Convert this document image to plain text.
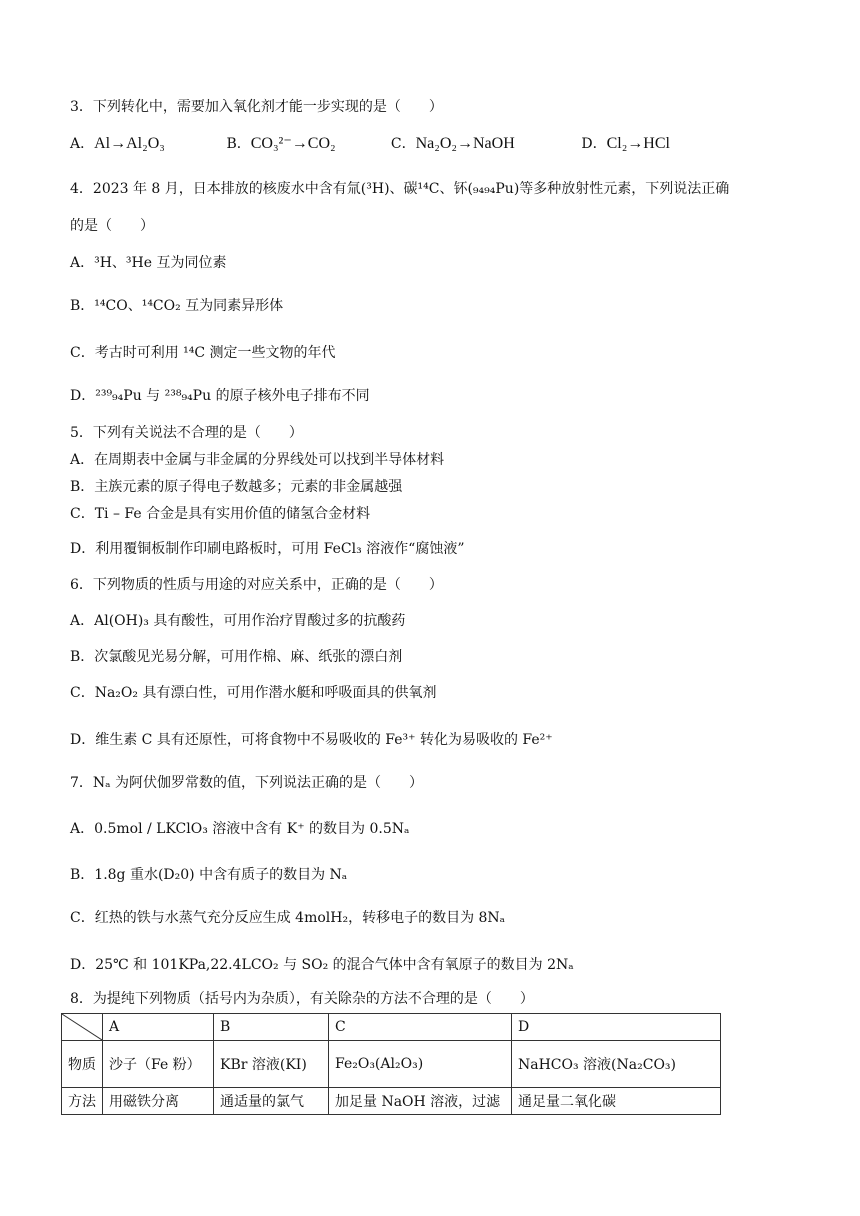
3．下列转化中，需要加入氧化剂才能一步实现的是（　　）
A．Al→Al₂O₃	B．CO₃²⁻→CO₂	C．Na₂O₂→NaOH	D．Cl₂→HCl
4．2023 年 8 月，日本排放的核废水中含有氚(³H)、碳¹⁴C、钚(₉₄₉₄Pu)等多种放射性元素，下列说法正确
的是（　　）
A．³H、³He 互为同位素
B．¹⁴CO、¹⁴CO₂ 互为同素异形体
C．考古时可利用 ¹⁴C 测定一些文物的年代
D．²³⁹₉₄Pu 与 ²³⁸₉₄Pu 的原子核外电子排布不同
5．下列有关说法不合理的是（　　）
A．在周期表中金属与非金属的分界线处可以找到半导体材料
B．主族元素的原子得电子数越多；元素的非金属越强
C．Ti – Fe 合金是具有实用价值的储氢合金材料
D．利用覆铜板制作印刷电路板时，可用 FeCl₃ 溶液作“腐蚀液”
6．下列物质的性质与用途的对应关系中，正确的是（　　）
A．Al(OH)₃ 具有酸性，可用作治疗胃酸过多的抗酸药
B．次氯酸见光易分解，可用作棉、麻、纸张的漂白剂
C．Na₂O₂ 具有漂白性，可用作潜水艇和呼吸面具的供氧剂
D．维生素 C 具有还原性，可将食物中不易吸收的 Fe³⁺ 转化为易吸收的 Fe²⁺
7．Nₐ 为阿伏伽罗常数的值，下列说法正确的是（　　）
A．0.5mol / LKClO₃ 溶液中含有 K⁺ 的数目为 0.5Nₐ
B．1.8g 重水(D₂0) 中含有质子的数目为 Nₐ
C．红热的铁与水蒸气充分反应生成 4molH₂，转移电子的数目为 8Nₐ
D．25℃ 和 101KPa,22.4LCO₂ 与 SO₂ 的混合气体中含有氧原子的数目为 2Nₐ
8．为提纯下列物质（括号内为杂质），有关除杂的方法不合理的是（　　）
	A	B	C	D
物质	沙子（Fe 粉）	KBr 溶液(KI)	Fe₂O₃(Al₂O₃)	NaHCO₃ 溶液(Na₂CO₃)
方法	用磁铁分离	通适量的氯气	加足量 NaOH 溶液，过滤	通足量二氧化碳
